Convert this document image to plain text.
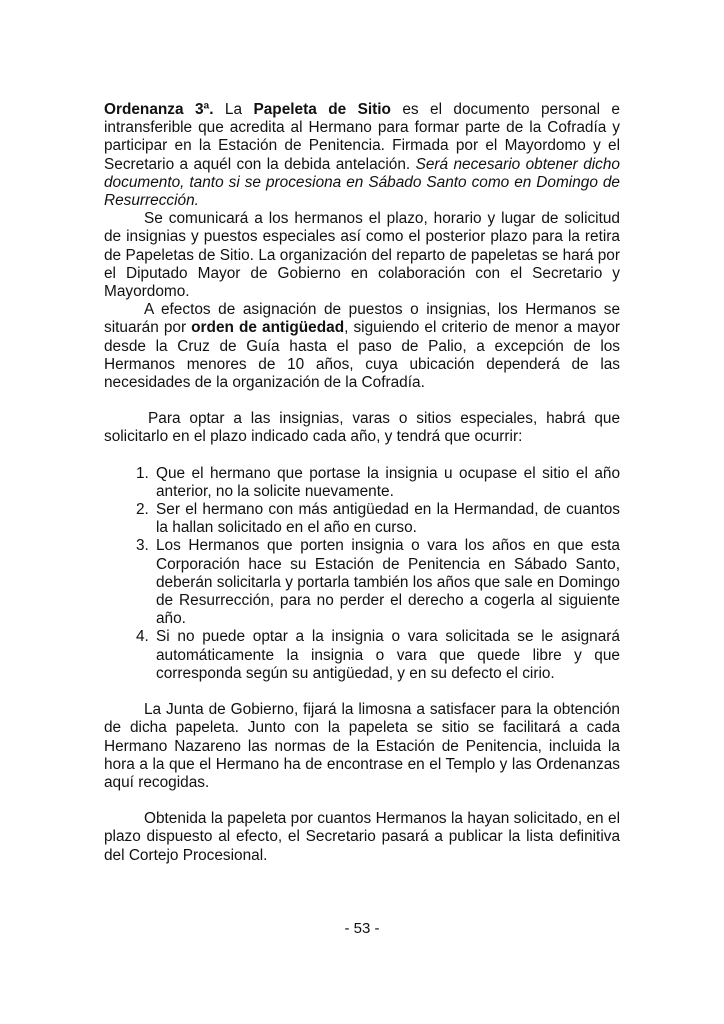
Ordenanza 3ª. La Papeleta de Sitio es el documento personal e intransferible que acredita al Hermano para formar parte de la Cofradía y participar en la Estación de Penitencia. Firmada por el Mayordomo y el Secretario a aquél con la debida antelación. Será necesario obtener dicho documento, tanto si se procesiona en Sábado Santo como en Domingo de Resurrección.

Se comunicará a los hermanos el plazo, horario y lugar de solicitud de insignias y puestos especiales así como el posterior plazo para la retira de Papeletas de Sitio. La organización del reparto de papeletas se hará por el Diputado Mayor de Gobierno en colaboración con el Secretario y Mayordomo.

A efectos de asignación de puestos o insignias, los Hermanos se situarán por orden de antigüedad, siguiendo el criterio de menor a mayor desde la Cruz de Guía hasta el paso de Palio, a excepción de los Hermanos menores de 10 años, cuya ubicación dependerá de las necesidades de la organización de la Cofradía.

Para optar a las insignias, varas o sitios especiales, habrá que solicitarlo en el plazo indicado cada año, y tendrá que ocurrir:

1. Que el hermano que portase la insignia u ocupase el sitio el año anterior, no la solicite nuevamente.
2. Ser el hermano con más antigüedad en la Hermandad, de cuantos la hallan solicitado en el año en curso.
3. Los Hermanos que porten insignia o vara los años en que esta Corporación hace su Estación de Penitencia en Sábado Santo, deberán solicitarla y portarla también los años que sale en Domingo de Resurrección, para no perder el derecho a cogerla al siguiente año.
4. Si no puede optar a la insignia o vara solicitada se le asignará automáticamente la insignia o vara que quede libre y que corresponda según su antigüedad, y en su defecto el cirio.

La Junta de Gobierno, fijará la limosna a satisfacer para la obtención de dicha papeleta. Junto con la papeleta se sitio se facilitará a cada Hermano Nazareno las normas de la Estación de Penitencia, incluida la hora a la que el Hermano ha de encontrase en el Templo y las Ordenanzas aquí recogidas.

Obtenida la papeleta por cuantos Hermanos la hayan solicitado, en el plazo dispuesto al efecto, el Secretario pasará a publicar la lista definitiva del Cortejo Procesional.

- 53 -
